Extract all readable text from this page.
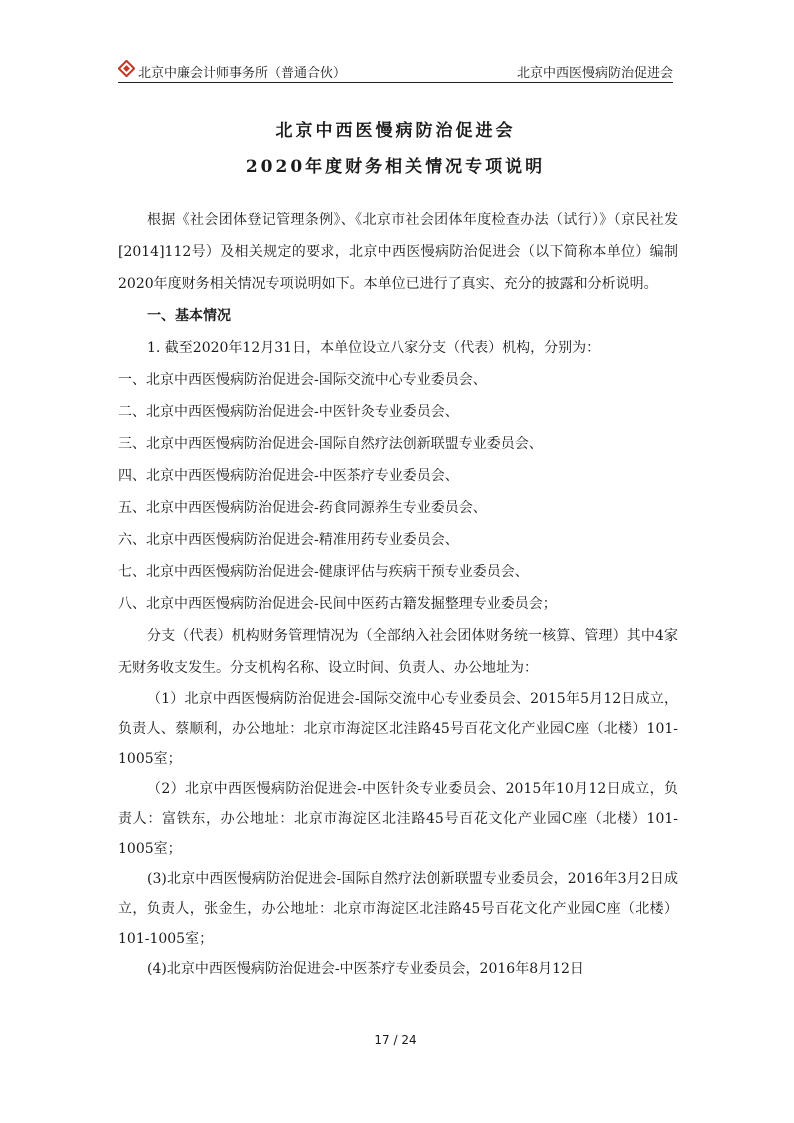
北京中廉会计师事务所（普通合伙）	北京中西医慢病防治促进会
北京中西医慢病防治促进会
2020年度财务相关情况专项说明

根据《社会团体登记管理条例》、《北京市社会团体年度检查办法（试行）》（京民社发[2014]112号）及相关规定的要求，北京中西医慢病防治促进会（以下简称本单位）编制2020年度财务相关情况专项说明如下。本单位已进行了真实、充分的披露和分析说明。

一、基本情况

1. 截至2020年12月31日，本单位设立八家分支（代表）机构，分别为：

一、北京中西医慢病防治促进会-国际交流中心专业委员会、

二、北京中西医慢病防治促进会-中医针灸专业委员会、

三、北京中西医慢病防治促进会-国际自然疗法创新联盟专业委员会、

四、北京中西医慢病防治促进会-中医茶疗专业委员会、

五、北京中西医慢病防治促进会-药食同源养生专业委员会、

六、北京中西医慢病防治促进会-精准用药专业委员会、

七、北京中西医慢病防治促进会-健康评估与疾病干预专业委员会、

八、北京中西医慢病防治促进会-民间中医药古籍发掘整理专业委员会；

分支（代表）机构财务管理情况为（全部纳入社会团体财务统一核算、管理）其中4家无财务收支发生。分支机构名称、设立时间、负责人、办公地址为：

（1）北京中西医慢病防治促进会-国际交流中心专业委员会、2015年5月12日成立，负责人、蔡顺利，办公地址：北京市海淀区北洼路45号百花文化产业园C座（北楼）101-1005室；

（2）北京中西医慢病防治促进会-中医针灸专业委员会、2015年10月12日成立，负责人：富铁东，办公地址：北京市海淀区北洼路45号百花文化产业园C座（北楼）101-1005室；

(3)北京中西医慢病防治促进会-国际自然疗法创新联盟专业委员会，2016年3月2日成立，负责人，张金生，办公地址：北京市海淀区北洼路45号百花文化产业园C座（北楼）101-1005室；

(4)北京中西医慢病防治促进会-中医茶疗专业委员会，2016年8月12日

17 / 24
